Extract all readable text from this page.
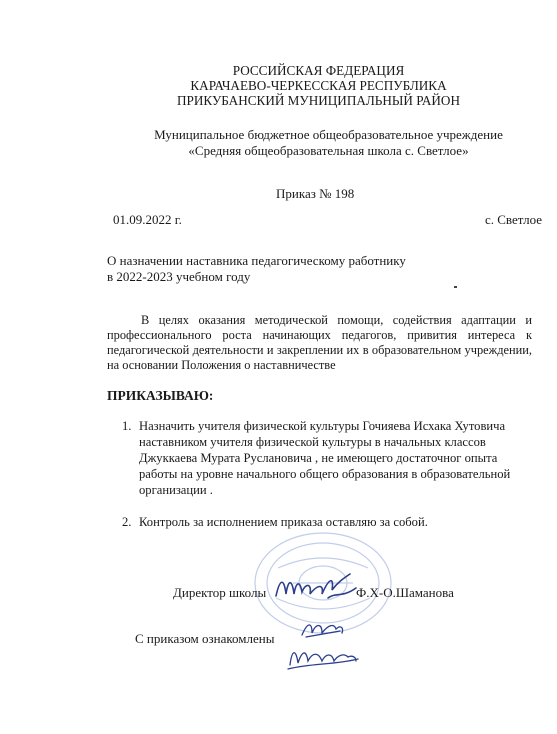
РОССИЙСКАЯ ФЕДЕРАЦИЯ
КАРАЧАЕВО-ЧЕРКЕССКАЯ РЕСПУБЛИКА
ПРИКУБАНСКИЙ МУНИЦИПАЛЬНЫЙ РАЙОН
Муниципальное бюджетное общеобразовательное учреждение
«Средняя общеобразовательная школа с. Светлое»
Приказ № 198
01.09.2022 г.	с. Светлое
О назначении наставника педагогическому работнику
в 2022-2023 учебном году
В целях оказания методической помощи, содействия адаптации и профессионального роста начинающих педагогов, привития интереса к педагогической деятельности и закреплении их в образовательном учреждении, на основании Положения о наставничестве
ПРИКАЗЫВАЮ:
1. Назначить учителя физической культуры Гочияева Исхака Хутовича
наставником учителя физической культуры в начальных классов
Джуккаева Мурата Руслановича , не имеющего достаточног опыта
работы на уровне начального общего образования в образовательной
организации .
2. Контроль за исполнением приказа оставляю за собой.
Директор школы	Ф.Х-О.Шаманова
С приказом ознакомлены
